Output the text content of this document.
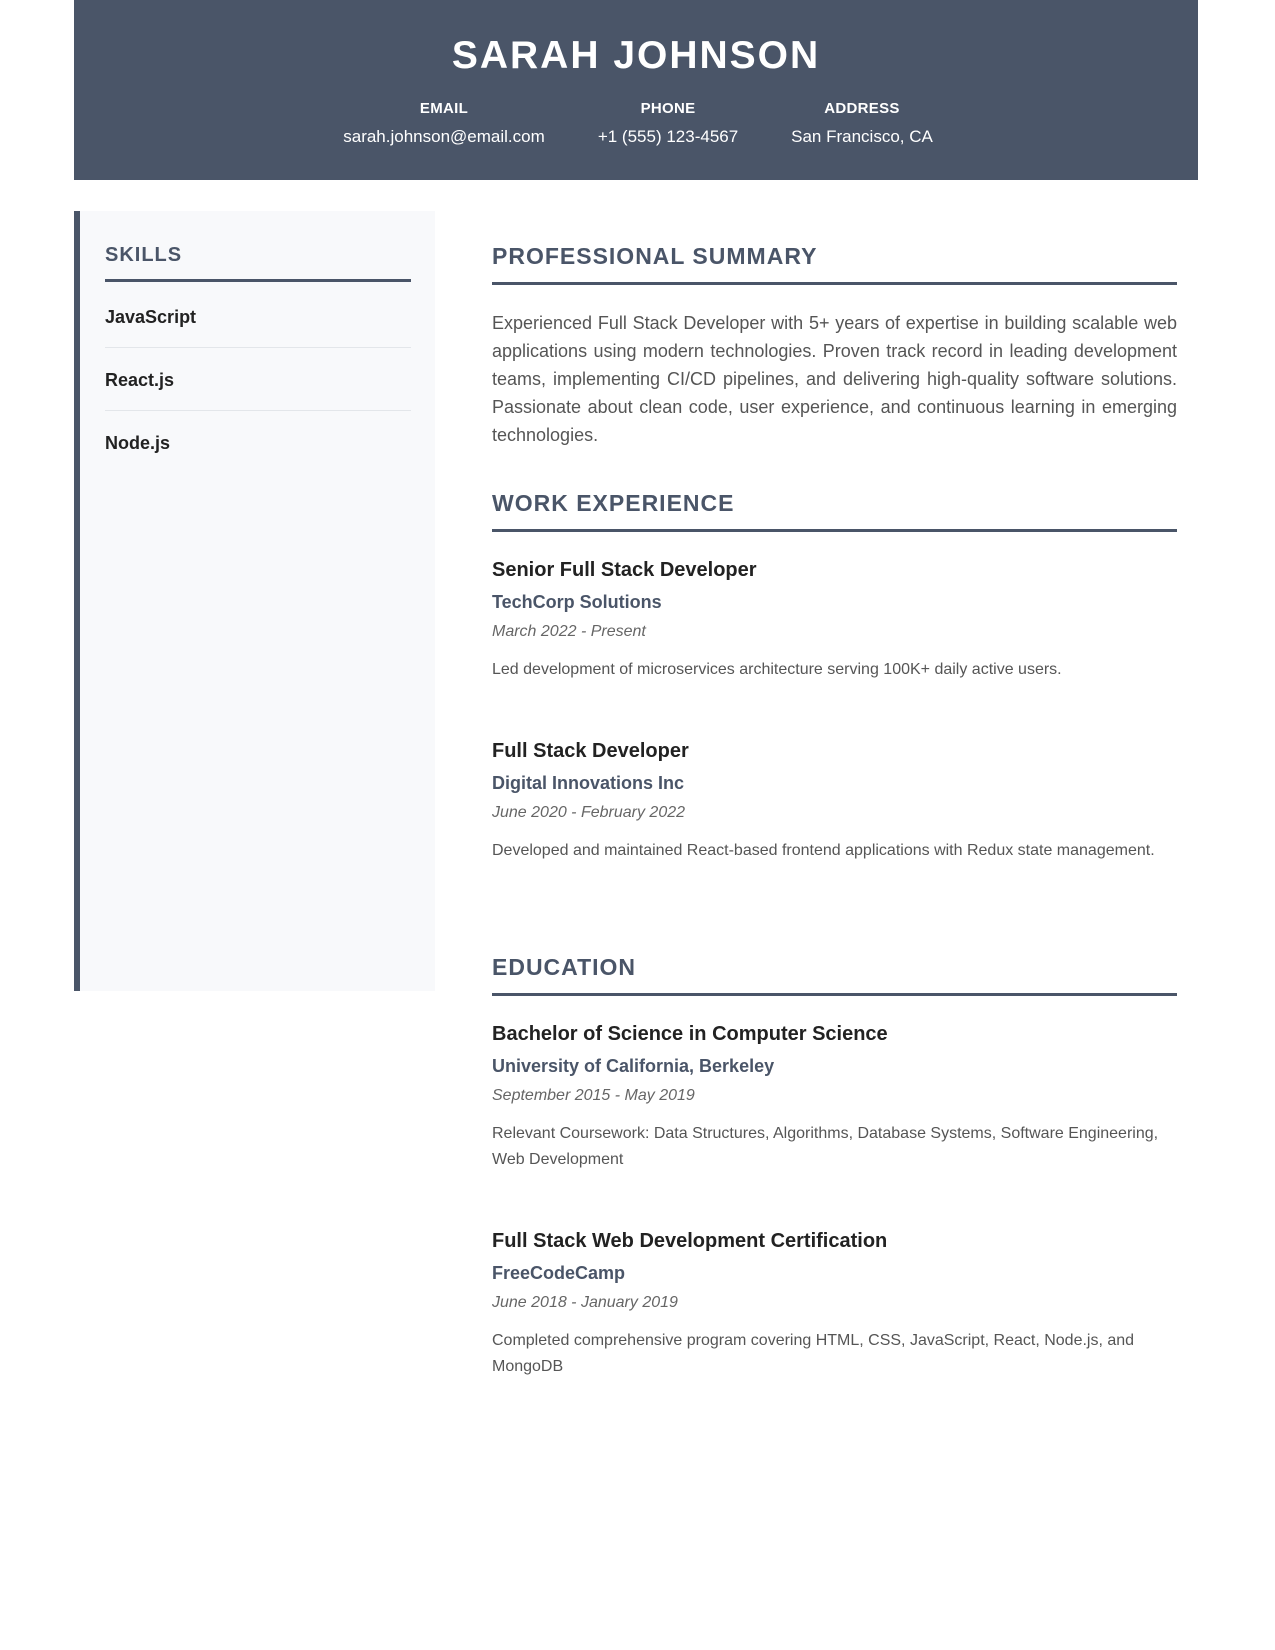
SARAH JOHNSON
EMAIL
sarah.johnson@email.com
PHONE
+1 (555) 123-4567
ADDRESS
San Francisco, CA
SKILLS
JavaScript
React.js
Node.js
PROFESSIONAL SUMMARY
Experienced Full Stack Developer with 5+ years of expertise in building scalable web applications using modern technologies. Proven track record in leading development teams, implementing CI/CD pipelines, and delivering high-quality software solutions. Passionate about clean code, user experience, and continuous learning in emerging technologies.
WORK EXPERIENCE
Senior Full Stack Developer
TechCorp Solutions
March 2022 - Present
Led development of microservices architecture serving 100K+ daily active users.
Full Stack Developer
Digital Innovations Inc
June 2020 - February 2022
Developed and maintained React-based frontend applications with Redux state management.
EDUCATION
Bachelor of Science in Computer Science
University of California, Berkeley
September 2015 - May 2019
Relevant Coursework: Data Structures, Algorithms, Database Systems, Software Engineering, Web Development
Full Stack Web Development Certification
FreeCodeCamp
June 2018 - January 2019
Completed comprehensive program covering HTML, CSS, JavaScript, React, Node.js, and MongoDB
